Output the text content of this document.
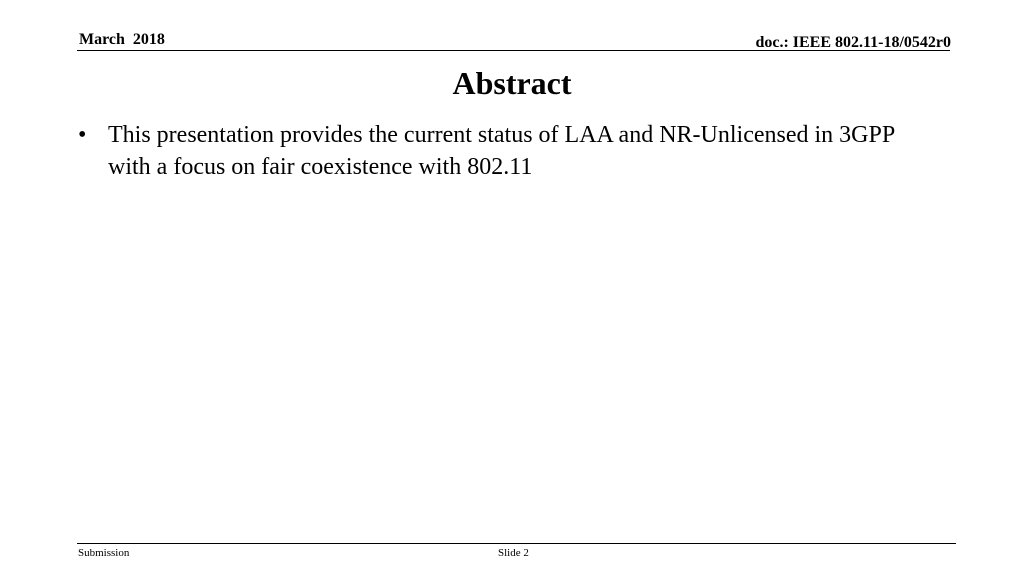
March  2018	doc.: IEEE 802.11-18/0542r0
Abstract
• This presentation provides the current status of LAA and NR-Unlicensed in 3GPP with a focus on fair coexistence with 802.11
Submission	Slide 2
